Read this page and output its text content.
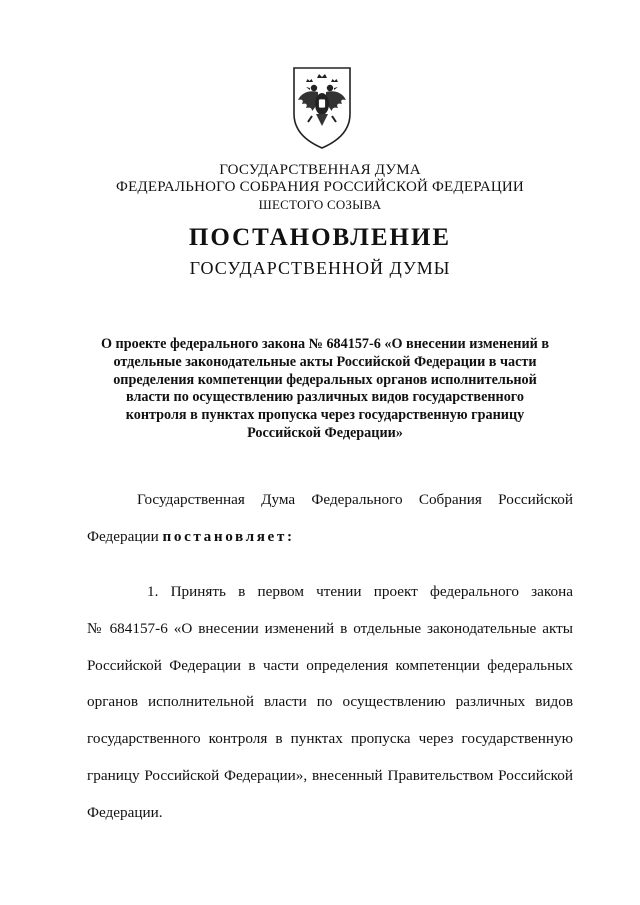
ГОСУДАРСТВЕННАЯ ДУМА
ФЕДЕРАЛЬНОГО СОБРАНИЯ РОССИЙСКОЙ ФЕДЕРАЦИИ
ШЕСТОГО СОЗЫВА
ПОСТАНОВЛЕНИЕ
ГОСУДАРСТВЕННОЙ ДУМЫ
О проекте федерального закона № 684157-6 «О внесении изменений в
отдельные законодательные акты Российской Федерации в части
определения компетенции федеральных органов исполнительной
власти по осуществлению различных видов государственного
контроля в пунктах пропуска через государственную границу
Российской Федерации»
Государственная Дума Федерального Собрания Российской
Федерации постановляет:
1. Принять в первом чтении проект федерального закона
№ 684157-6 «О внесении изменений в отдельные законодательные акты
Российской Федерации в части определения компетенции федеральных
органов исполнительной власти по осуществлению различных видов
государственного контроля в пунктах пропуска через государственную
границу Российской Федерации», внесенный Правительством Российской
Федерации.
